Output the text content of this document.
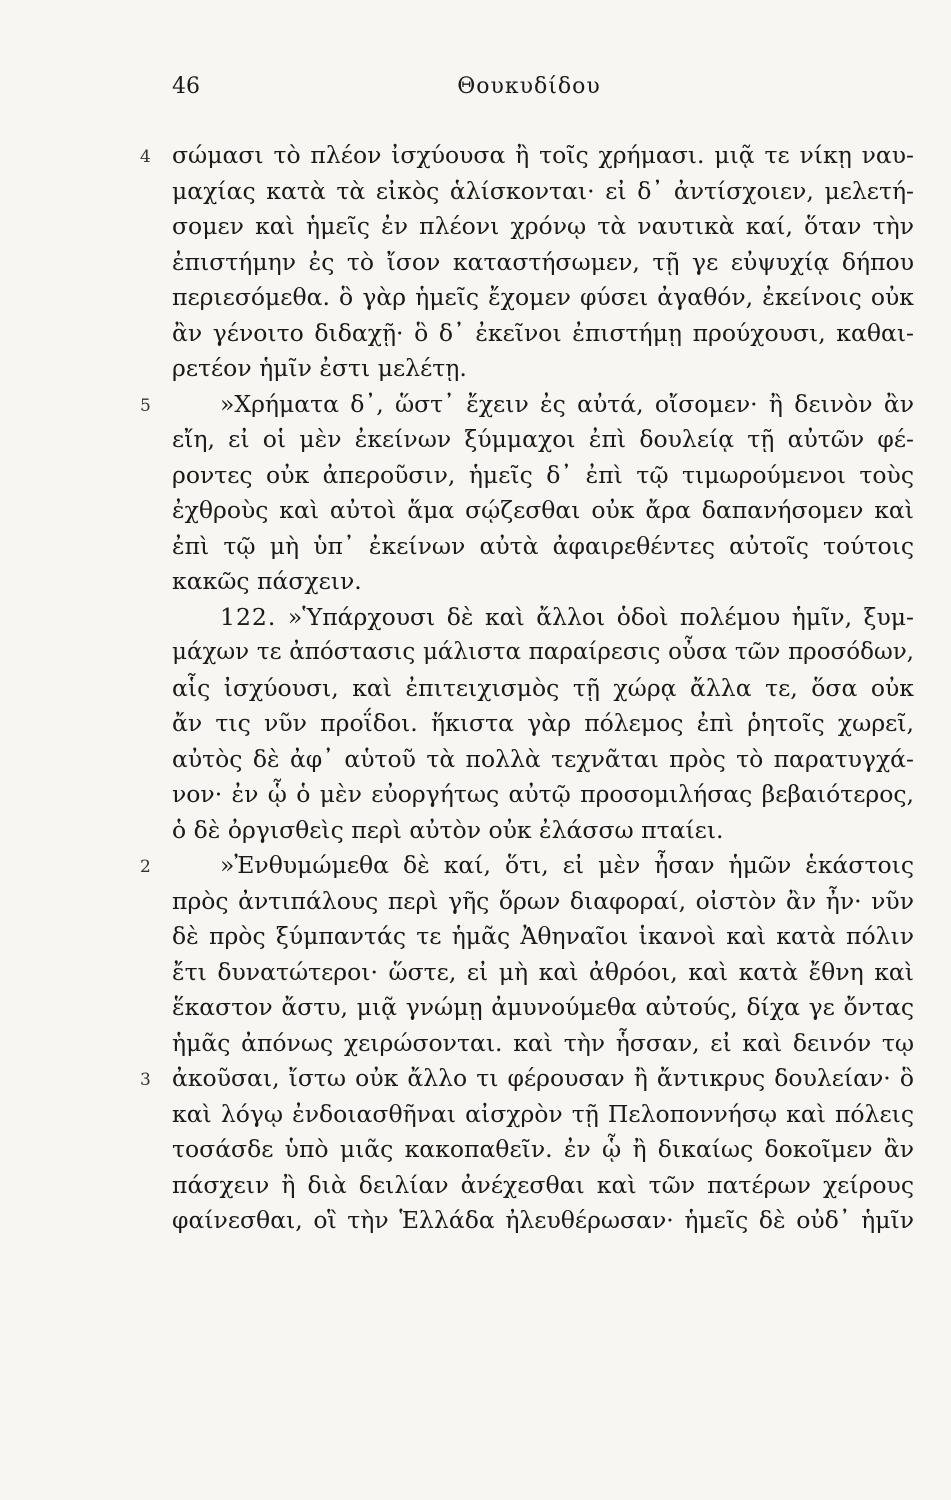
46	Θουκυδίδου
4 σώμασι τὸ πλέον ἰσχύουσα ἢ τοῖς χρήμασι. μιᾷ τε νίκῃ ναυ-
μαχίας κατὰ τὰ εἰκὸς ἁλίσκονται· εἰ δ᾽ ἀντίσχοιεν, μελετή-
σομεν καὶ ἡμεῖς ἐν πλέονι χρόνῳ τὰ ναυτικὰ καί, ὅταν τὴν
ἐπιστήμην ἐς τὸ ἴσον καταστήσωμεν, τῇ γε εὐψυχίᾳ δήπου
περιεσόμεθα. ὃ γὰρ ἡμεῖς ἔχομεν φύσει ἀγαθόν, ἐκείνοις οὐκ
ἂν γένοιτο διδαχῇ· ὃ δ᾽ ἐκεῖνοι ἐπιστήμῃ προύχουσι, καθαι-
ρετέον ἡμῖν ἐστι μελέτῃ.
5	»Χρήματα δ᾽, ὥστ᾽ ἔχειν ἐς αὐτά, οἴσομεν· ἢ δεινὸν ἂν
εἴη, εἰ οἱ μὲν ἐκείνων ξύμμαχοι ἐπὶ δουλείᾳ τῇ αὐτῶν φέ-
ροντες οὐκ ἀπεροῦσιν, ἡμεῖς δ᾽ ἐπὶ τῷ τιμωρούμενοι τοὺς
ἐχθροὺς καὶ αὐτοὶ ἅμα σῴζεσθαι οὐκ ἄρα δαπανήσομεν καὶ
ἐπὶ τῷ μὴ ὑπ᾽ ἐκείνων αὐτὰ ἀφαιρεθέντες αὐτοῖς τούτοις
κακῶς πάσχειν.
122. »Ὑπάρχουσι δὲ καὶ ἄλλοι ὁδοὶ πολέμου ἡμῖν, ξυμ-
μάχων τε ἀπόστασις μάλιστα παραίρεσις οὖσα τῶν προσόδων,
αἷς ἰσχύουσι, καὶ ἐπιτειχισμὸς τῇ χώρᾳ ἄλλα τε, ὅσα οὐκ
ἄν τις νῦν προΐδοι. ἥκιστα γὰρ πόλεμος ἐπὶ ῥητοῖς χωρεῖ,
αὐτὸς δὲ ἀφ᾽ αὑτοῦ τὰ πολλὰ τεχνᾶται πρὸς τὸ παρατυγχά-
νον· ἐν ᾧ ὁ μὲν εὐοργήτως αὐτῷ προσομιλήσας βεβαιότερος,
ὁ δὲ ὀργισθεὶς περὶ αὐτὸν οὐκ ἐλάσσω πταίει.
2	»Ἐνθυμώμεθα δὲ καί, ὅτι, εἰ μὲν ἦσαν ἡμῶν ἑκάστοις
πρὸς ἀντιπάλους περὶ γῆς ὅρων διαφοραί, οἰστὸν ἂν ἦν· νῦν
δὲ πρὸς ξύμπαντάς τε ἡμᾶς Ἀθηναῖοι ἱκανοὶ καὶ κατὰ πόλιν
ἔτι δυνατώτεροι· ὥστε, εἰ μὴ καὶ ἀθρόοι, καὶ κατὰ ἔθνη καὶ
ἕκαστον ἄστυ, μιᾷ γνώμῃ ἀμυνούμεθα αὐτούς, δίχα γε ὄντας
ἡμᾶς ἀπόνως χειρώσονται. καὶ τὴν ἧσσαν, εἰ καὶ δεινόν τῳ
3 ἀκοῦσαι, ἴστω οὐκ ἄλλο τι φέρουσαν ἢ ἄντικρυς δουλείαν· ὃ
καὶ λόγῳ ἐνδοιασθῆναι αἰσχρὸν τῇ Πελοποννήσῳ καὶ πόλεις
τοσάσδε ὑπὸ μιᾶς κακοπαθεῖν. ἐν ᾧ ἢ δικαίως δοκοῖμεν ἂν
πάσχειν ἢ διὰ δειλίαν ἀνέχεσθαι καὶ τῶν πατέρων χείρους
φαίνεσθαι, οἳ τὴν Ἑλλάδα ἠλευθέρωσαν· ἡμεῖς δὲ οὐδ᾽ ἡμῖν
